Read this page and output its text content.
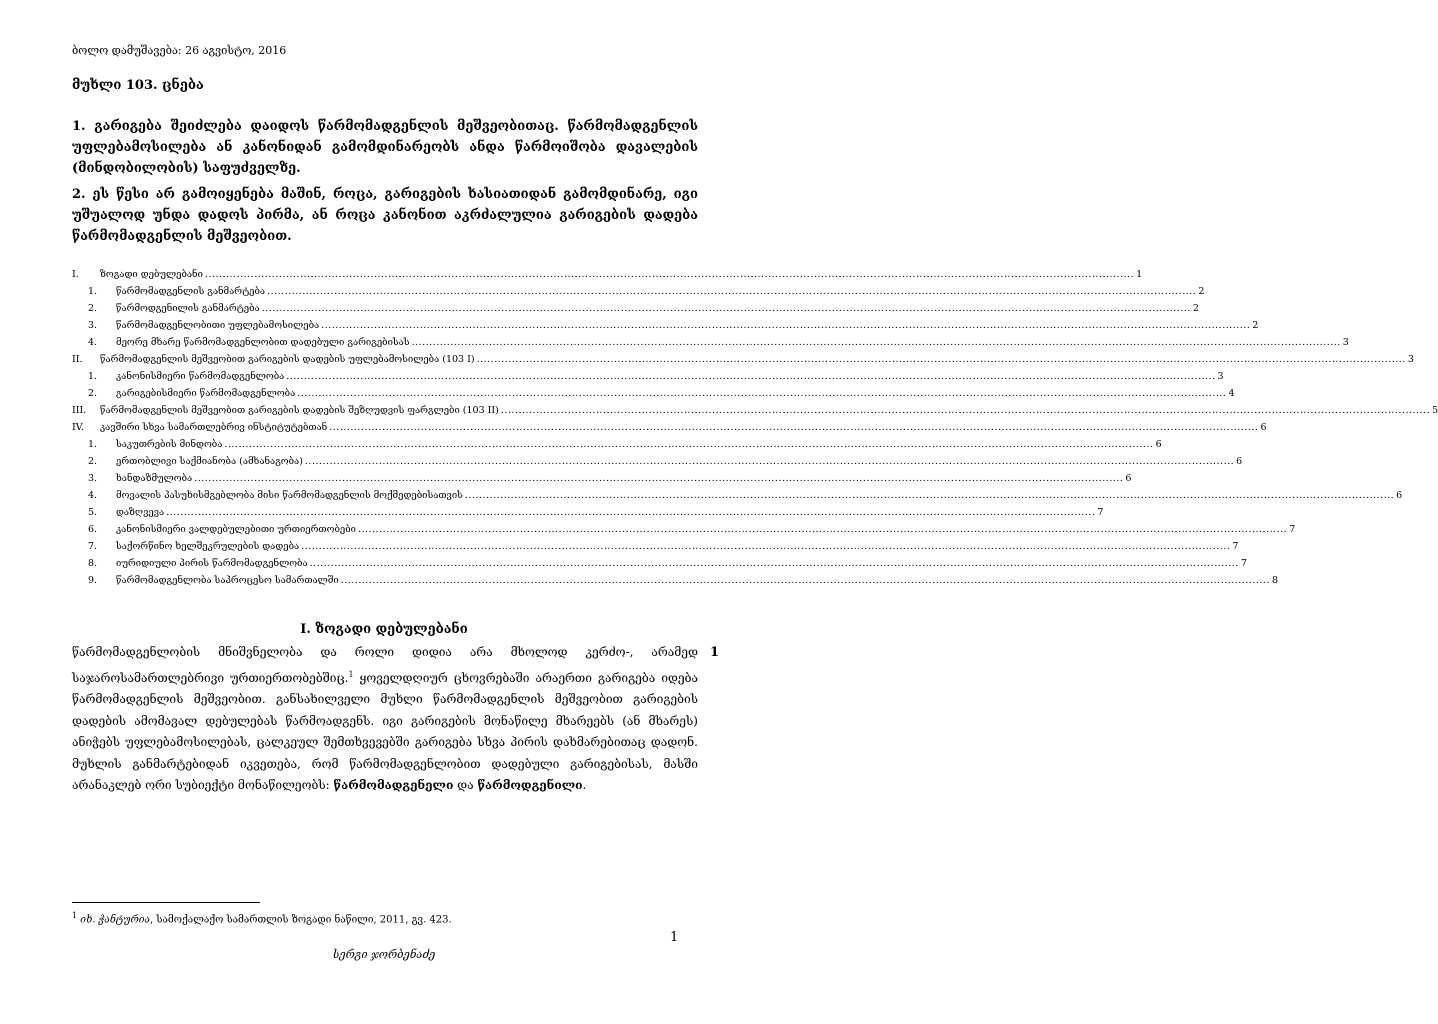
ბოლო დამუშავება: 26 აგვისტო, 2016
მუხლი 103. ცნება
1. გარიგება შეიძლება დაიდოს წარმომადგენლის მეშვეობითაც. წარმომადგენლის უფლებამოსილება ან კანონიდან გამომდინარეობს ანდა წარმოიშობა დავალების (მინდობილობის) საფუძველზე.
2. ეს წესი არ გამოიყენება მაშინ, როცა, გარიგების ხასიათიდან გამომდინარე, იგი უშუალოდ უნდა დადოს პირმა, ან როცა კანონით აკრძალულია გარიგების დადება წარმომადგენლის მეშვეობით.
I.	ზოგადი დებულებანი .....	1
1.	წარმომადგენლის განმარტება .....	2
2.	წარმოდგენილის განმარტება .....	2
3.	წარმომადგენლობითი უფლებამოსილება .....	2
4.	მეორე მხარე წარმომადგენლობით დადებული გარიგებისას .....	3
II.	წარმომადგენლის მეშვეობით გარიგების დადების უფლებამოსილება (103 I) .....	3
1.	კანონისმიერი წარმომადგენლობა .....	3
2.	გარიგებისმიერი წარმომადგენლობა .....	4
III.	წარმომადგენლის მეშვეობით გარიგების დადების შეზღუდვის ფარგლები (103 II) .....	5
IV.	კავშირი სხვა სამართლებრივ ინსტიტუტებთან .....	6
1.	საკუთრების მინდობა .....	6
2.	ერთობლივი საქმიანობა (ამხანაგობა) .....	6
3.	ხანდაზმულობა .....	6
4.	მოვალის პასუხისმგებლობა მისი წარმომადგენლის მოქმედებისათვის .....	6
5.	დაზღვევა .....	7
6.	კანონისმიერი ვალდებულებითი ურთიერთობები .....	7
7.	საქორწინო ხელშეკრულების დადება .....	7
8.	იურიდიული პირის წარმომადგენლობა .....	7
9.	წარმომადგენლობა საპროცესო სამართალში .....	8
I. ზოგადი დებულებანი
1
წარმომადგენლობის მნიშვნელობა და როლი დიდია არა მხოლოდ კერძო-, არამედ საჯაროსამართლებრივი ურთიერთობებშიც.$^1$ ყოველდღიურ ცხოვრებაში არაერთი გარიგება იდება წარმომადგენლის მეშვეობით. განსახილველი მუხლი წარმომადგენლის მეშვეობით გარიგების დადების ამომავალ დებულებას წარმოადგენს. იგი გარიგების მონაწილე მხარეებს (ან მხარეს) ანიჭებს უფლებამოსილებას, ცალკეულ შემთხვევებში გარიგება სხვა პირის დახმარებითაც დადონ. მუხლის განმარტებიდან იკვეთება, რომ წარმომადგენლობით დადებული გარიგებისას, მასში არანაკლებ ორი სუბიექტი მონაწილეობს: წარმომადგენელი და წარმოდგენილი.
$^1$ იხ. ჭანტურია, სამოქალაქო სამართლის ზოგადი ნაწილი, 2011, გვ. 423.
1
სერგი ჯორბენაძე
